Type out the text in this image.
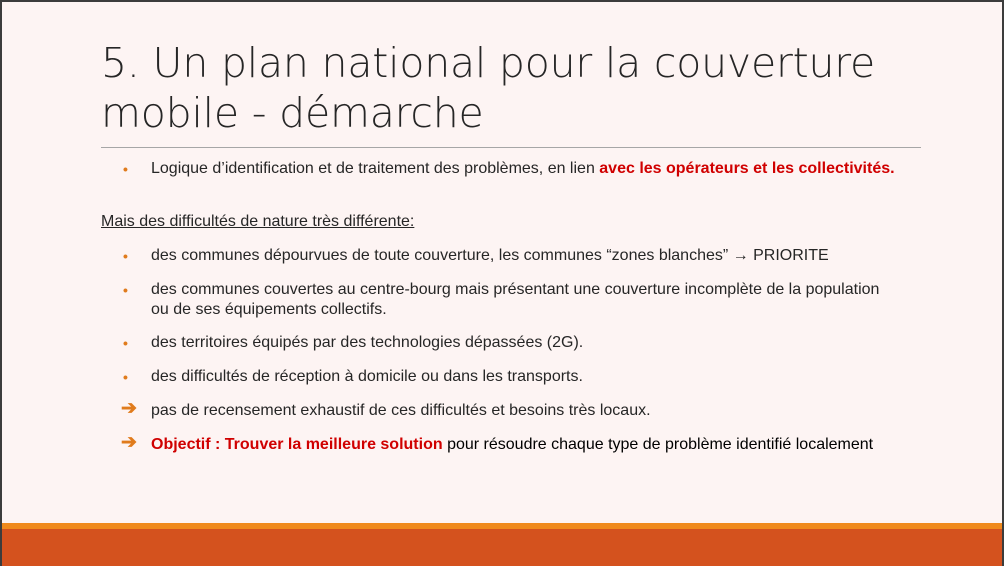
5. Un plan national pour la couverture
mobile - démarche
• Logique d’identification et de traitement des problèmes, en lien avec les opérateurs et les collectivités.
Mais des difficultés de nature très différente:
• des communes dépourvues de toute couverture, les communes “zones blanches” → PRIORITE
• des communes couvertes au centre-bourg mais présentant une couverture incomplète de la population ou de ses équipements collectifs.
• des territoires équipés par des technologies dépassées (2G).
• des difficultés de réception à domicile ou dans les transports.
➔ pas de recensement exhaustif de ces difficultés et besoins très locaux.
➔ Objectif : Trouver la meilleure solution pour résoudre chaque type de problème identifié localement
